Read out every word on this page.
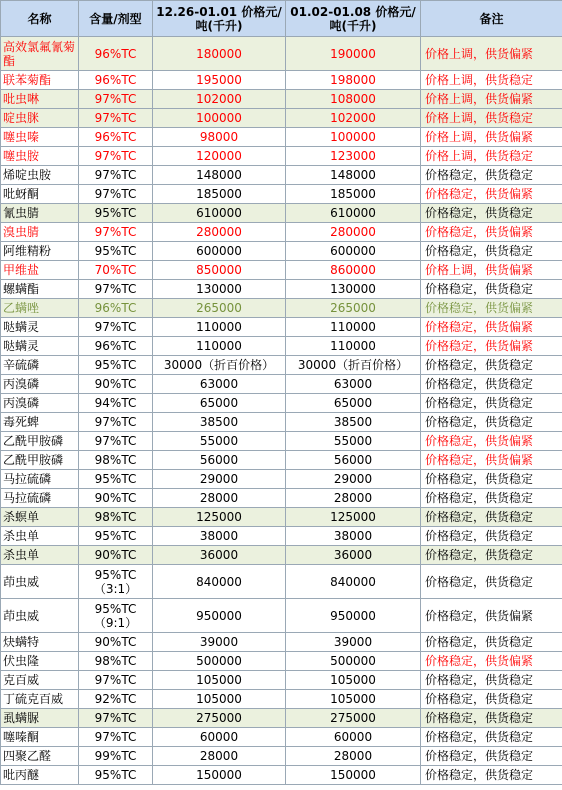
名称	含量/剂型	12.26-01.01 价格元/吨(千升)	01.02-01.08 价格元/吨(千升)	备注
高效氯氟氰菊酯	96%TC	180000	190000	价格上调，供货偏紧
联苯菊酯	96%TC	195000	198000	价格上调，供货稳定
吡虫啉	97%TC	102000	108000	价格上调，供货偏紧
啶虫脒	97%TC	100000	102000	价格上调，供货稳定
噻虫嗪	96%TC	98000	100000	价格上调，供货偏紧
噻虫胺	97%TC	120000	123000	价格上调，供货稳定
烯啶虫胺	97%TC	148000	148000	价格稳定，供货稳定
吡蚜酮	97%TC	185000	185000	价格稳定，供货偏紧
氰虫腈	95%TC	610000	610000	价格稳定，供货稳定
溴虫腈	97%TC	280000	280000	价格稳定，供货偏紧
阿维精粉	95%TC	600000	600000	价格稳定，供货稳定
甲维盐	70%TC	850000	860000	价格上调，供货偏紧
螺螨酯	97%TC	130000	130000	价格稳定，供货稳定
乙螨唑	96%TC	265000	265000	价格稳定，供货偏紧
哒螨灵	97%TC	110000	110000	价格稳定，供货偏紧
哒螨灵	96%TC	110000	110000	价格稳定，供货偏紧
辛硫磷	95%TC	30000（折百价格）	30000（折百价格）	价格稳定，供货稳定
丙溴磷	90%TC	63000	63000	价格稳定，供货稳定
丙溴磷	94%TC	65000	65000	价格稳定，供货稳定
毒死蜱	97%TC	38500	38500	价格稳定，供货稳定
乙酰甲胺磷	97%TC	55000	55000	价格稳定，供货偏紧
乙酰甲胺磷	98%TC	56000	56000	价格稳定，供货偏紧
马拉硫磷	95%TC	29000	29000	价格稳定，供货稳定
马拉硫磷	90%TC	28000	28000	价格稳定，供货稳定
杀螟单	98%TC	125000	125000	价格稳定，供货稳定
杀虫单	95%TC	38000	38000	价格稳定，供货稳定
杀虫单	90%TC	36000	36000	价格稳定，供货稳定
茚虫威	95%TC（3:1）	840000	840000	价格稳定，供货稳定
茚虫威	95%TC（9:1）	950000	950000	价格稳定，供货偏紧
炔螨特	90%TC	39000	39000	价格稳定，供货稳定
伏虫隆	98%TC	500000	500000	价格稳定，供货偏紧
克百威	97%TC	105000	105000	价格稳定，供货稳定
丁硫克百威	92%TC	105000	105000	价格稳定，供货稳定
虱螨脲	97%TC	275000	275000	价格稳定，供货稳定
噻嗪酮	97%TC	60000	60000	价格稳定，供货稳定
四聚乙醛	99%TC	28000	28000	价格稳定，供货稳定
吡丙醚	95%TC	150000	150000	价格稳定，供货稳定
